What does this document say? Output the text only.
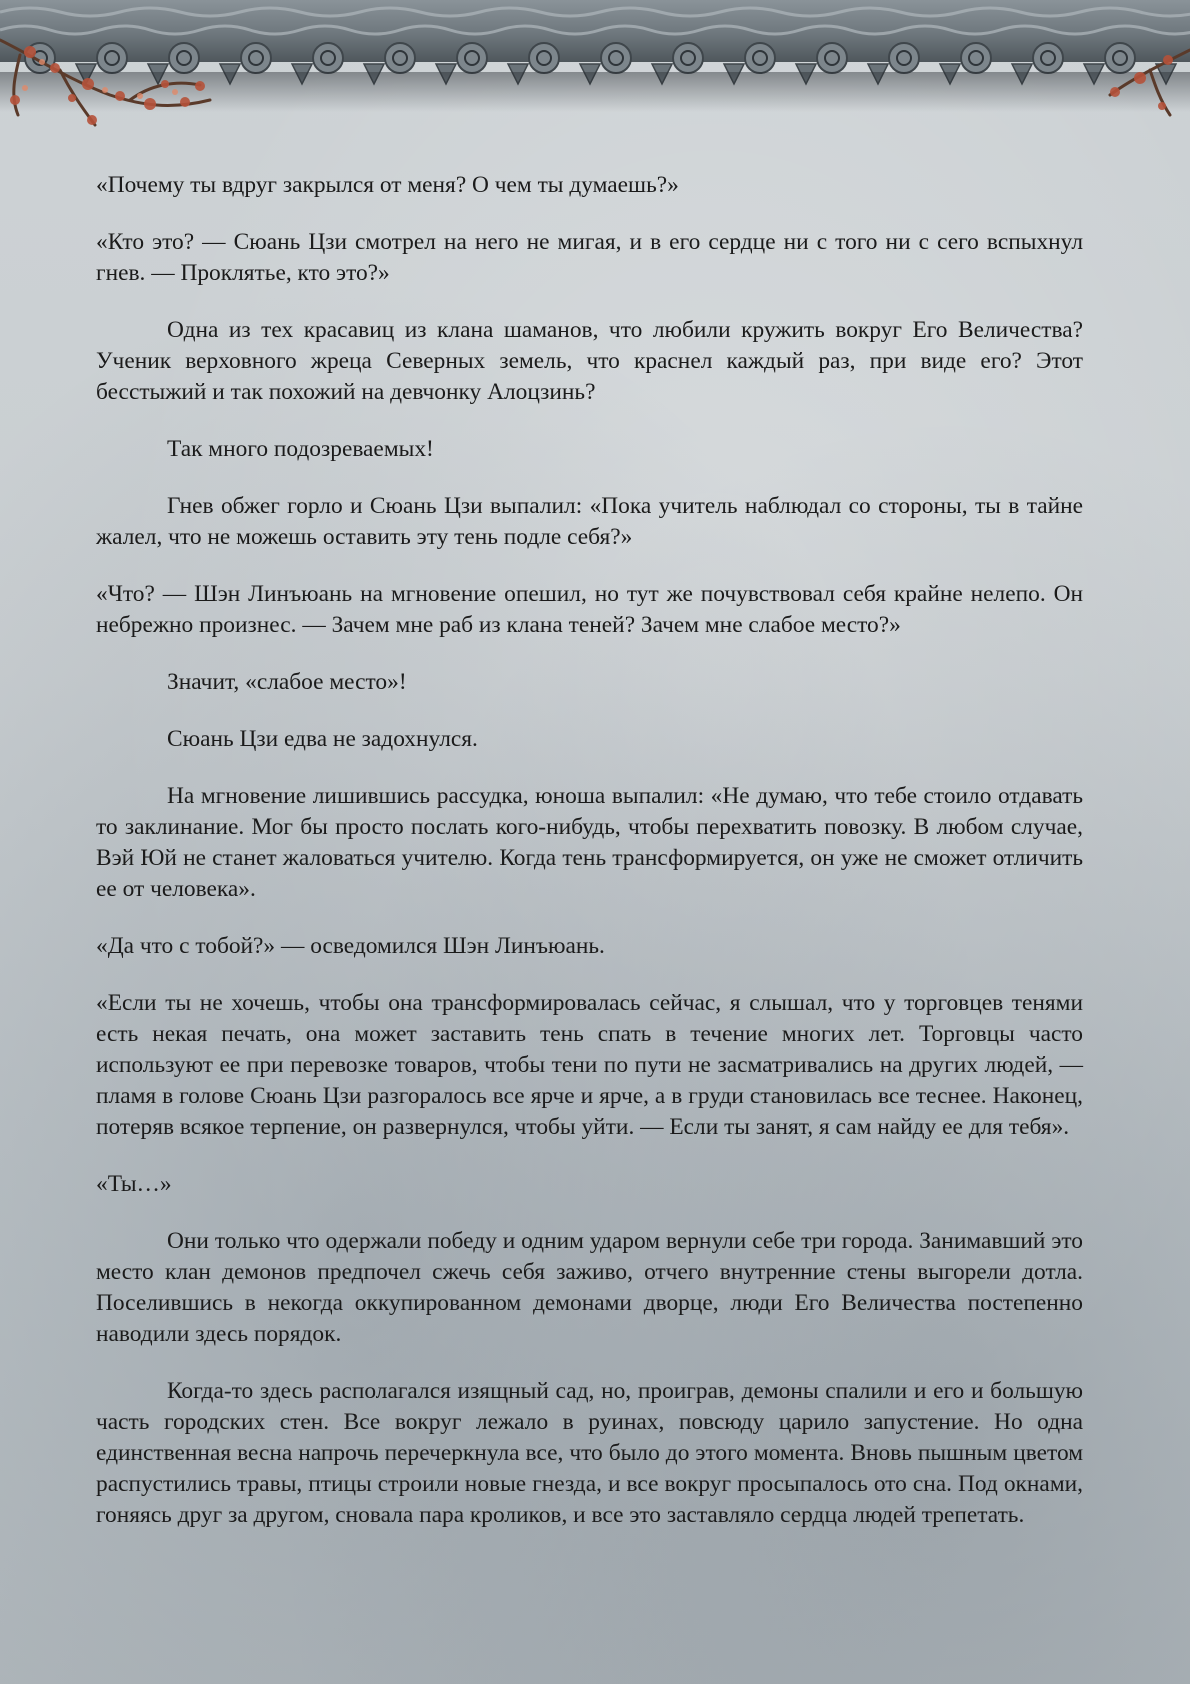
«Почему ты вдруг закрылся от меня? О чем ты думаешь?»

«Кто это? — Сюань Цзи смотрел на него не мигая, и в его сердце ни с того ни с сего вспыхнул гнев. — Проклятье, кто это?»

Одна из тех красавиц из клана шаманов, что любили кружить вокруг Его Величества? Ученик верховного жреца Северных земель, что краснел каждый раз, при виде его? Этот бесстыжий и так похожий на девчонку Алоцзинь?

Так много подозреваемых!

Гнев обжег горло и Сюань Цзи выпалил: «Пока учитель наблюдал со стороны, ты в тайне жалел, что не можешь оставить эту тень подле себя?»

«Что? — Шэн Линъюань на мгновение опешил, но тут же почувствовал себя крайне нелепо. Он небрежно произнес. — Зачем мне раб из клана теней? Зачем мне слабое место?»

Значит, «слабое место»!

Сюань Цзи едва не задохнулся.

На мгновение лишившись рассудка, юноша выпалил: «Не думаю, что тебе стоило отдавать то заклинание. Мог бы просто послать кого-нибудь, чтобы перехватить повозку. В любом случае, Вэй Юй не станет жаловаться учителю. Когда тень трансформируется, он уже не сможет отличить ее от человека».

«Да что с тобой?» — осведомился Шэн Линъюань.

«Если ты не хочешь, чтобы она трансформировалась сейчас, я слышал, что у торговцев тенями есть некая печать, она может заставить тень спать в течение многих лет. Торговцы часто используют ее при перевозке товаров, чтобы тени по пути не засматривались на других людей, — пламя в голове Сюань Цзи разгоралось все ярче и ярче, а в груди становилась все теснее. Наконец, потеряв всякое терпение, он развернулся, чтобы уйти. — Если ты занят, я сам найду ее для тебя».

«Ты…»

Они только что одержали победу и одним ударом вернули себе три города. Занимавший это место клан демонов предпочел сжечь себя заживо, отчего внутренние стены выгорели дотла. Поселившись в некогда оккупированном демонами дворце, люди Его Величества постепенно наводили здесь порядок.

Когда-то здесь располагался изящный сад, но, проиграв, демоны спалили и его и большую часть городских стен. Все вокруг лежало в руинах, повсюду царило запустение. Но одна единственная весна напрочь перечеркнула все, что было до этого момента. Вновь пышным цветом распустились травы, птицы строили новые гнезда, и все вокруг просыпалось ото сна. Под окнами, гоняясь друг за другом, сновала пара кроликов, и все это заставляло сердца людей трепетать.
